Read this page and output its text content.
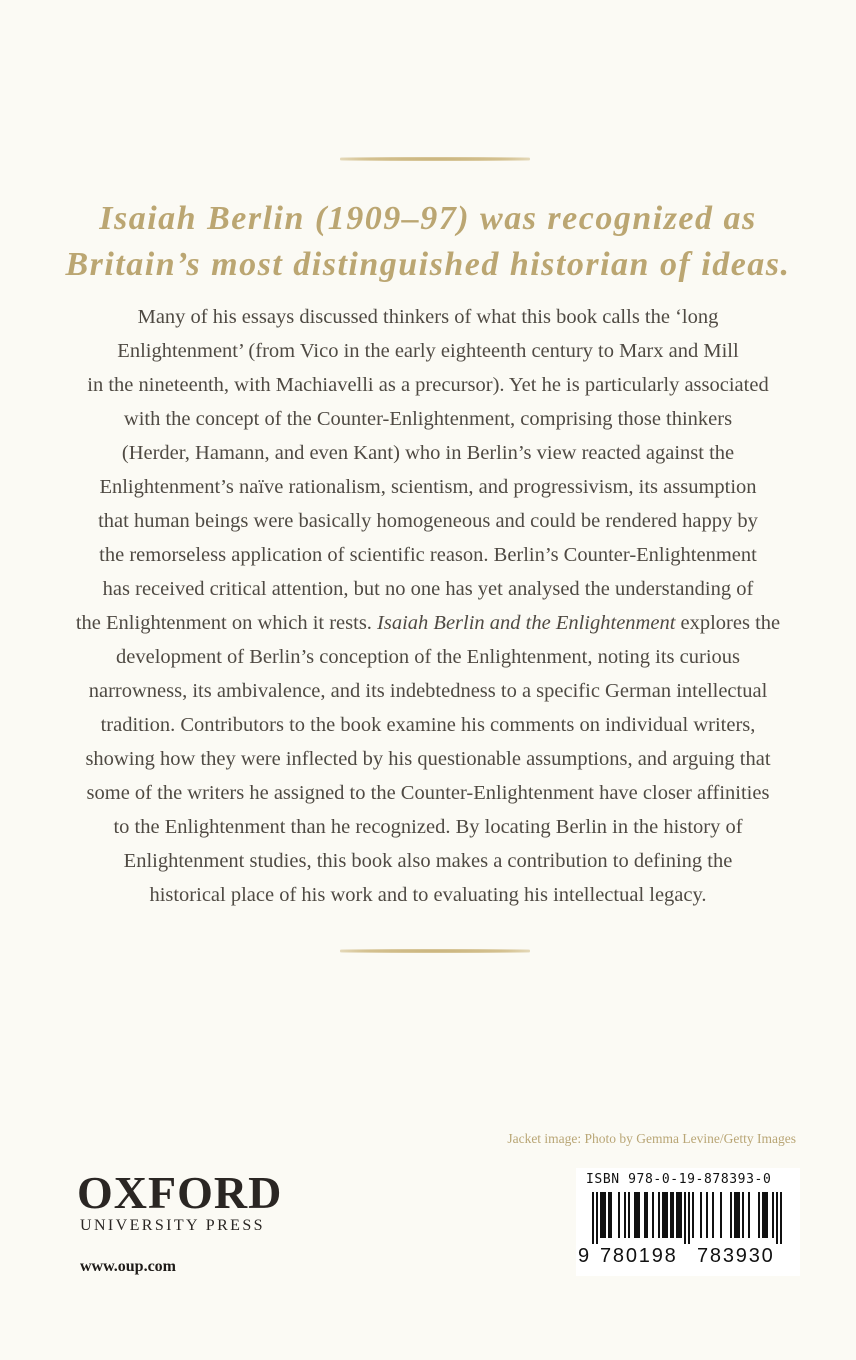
Isaiah Berlin (1909–97) was recognized as
Britain’s most distinguished historian of ideas.

Many of his essays discussed thinkers of what this book calls the ‘long
Enlightenment’ (from Vico in the early eighteenth century to Marx and Mill
in the nineteenth, with Machiavelli as a precursor). Yet he is particularly associated
with the concept of the Counter-Enlightenment, comprising those thinkers
(Herder, Hamann, and even Kant) who in Berlin’s view reacted against the
Enlightenment’s naïve rationalism, scientism, and progressivism, its assumption
that human beings were basically homogeneous and could be rendered happy by
the remorseless application of scientific reason. Berlin’s Counter-Enlightenment
has received critical attention, but no one has yet analysed the understanding of
the Enlightenment on which it rests. Isaiah Berlin and the Enlightenment explores the
development of Berlin’s conception of the Enlightenment, noting its curious
narrowness, its ambivalence, and its indebtedness to a specific German intellectual
tradition. Contributors to the book examine his comments on individual writers,
showing how they were inflected by his questionable assumptions, and arguing that
some of the writers he assigned to the Counter-Enlightenment have closer affinities
to the Enlightenment than he recognized. By locating Berlin in the history of
Enlightenment studies, this book also makes a contribution to defining the
historical place of his work and to evaluating his intellectual legacy.

Jacket image: Photo by Gemma Levine/Getty Images

OXFORD
UNIVERSITY PRESS
www.oup.com
ISBN 978-0-19-878393-0
9 780198 783930
